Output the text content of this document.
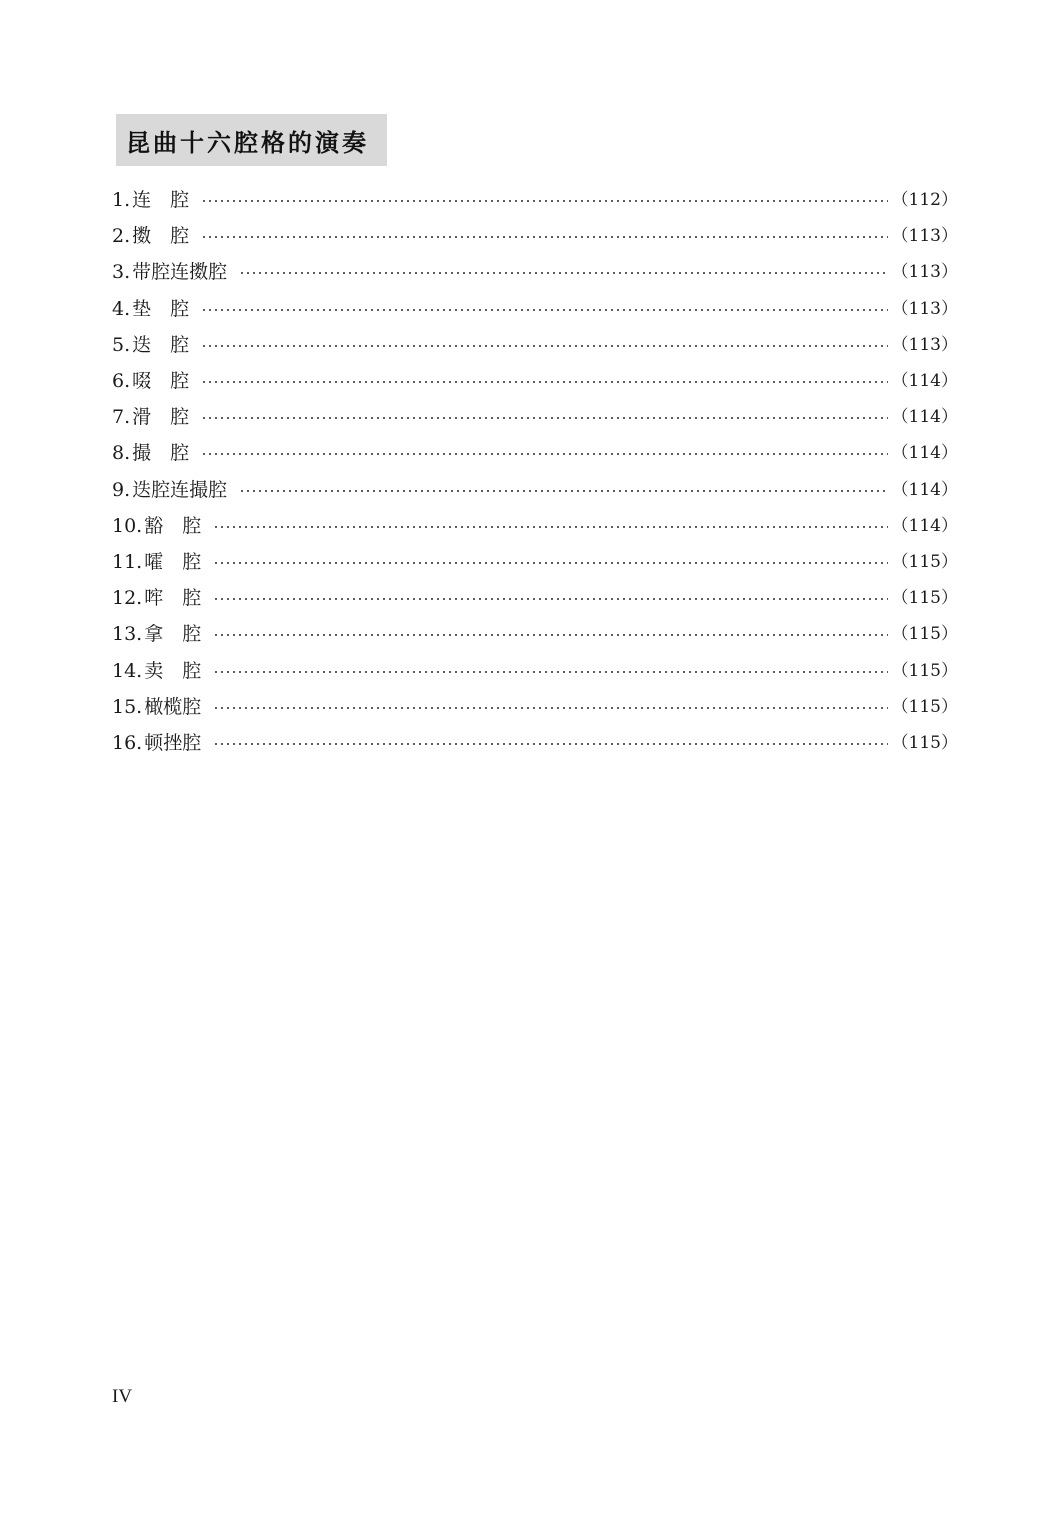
昆曲十六腔格的演奏
1. 连　腔	（112）
2. 擞　腔	（113）
3. 带腔连擞腔	（113）
4. 垫　腔	（113）
5. 迭　腔	（113）
6. 啜　腔	（114）
7. 滑　腔	（114）
8. 撮　腔	（114）
9. 迭腔连撮腔	（114）
10. 豁　腔	（114）
11. 嚯　腔	（115）
12. 哰　腔	（115）
13. 拿　腔	（115）
14. 卖　腔	（115）
15. 橄榄腔	（115）
16. 顿挫腔	（115）
IV
